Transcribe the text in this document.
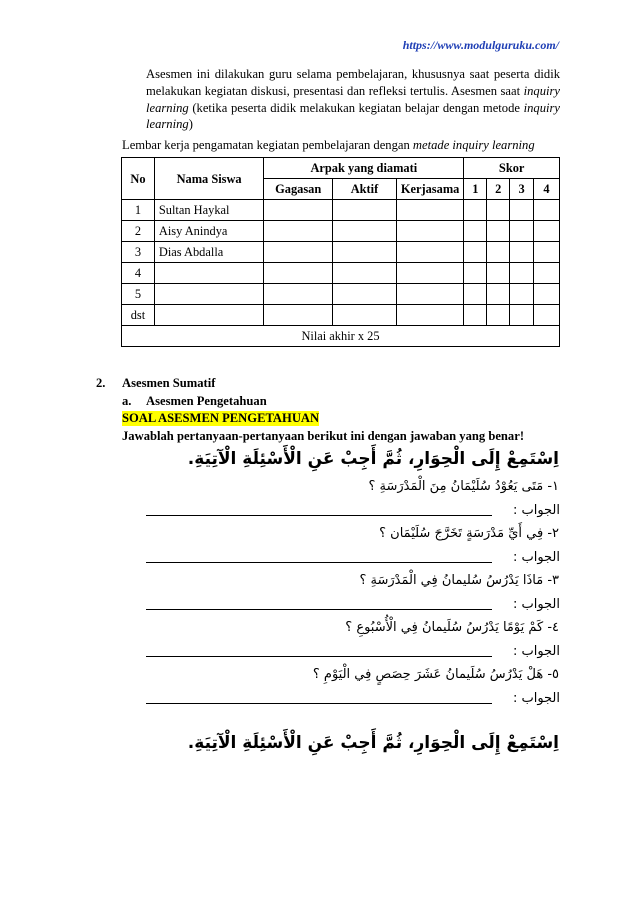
https://www.modulguruku.com/
Asesmen ini dilakukan guru selama pembelajaran, khususnya saat peserta didik melakukan kegiatan diskusi, presentasi dan refleksi tertulis. Asesmen saat inquiry learning (ketika peserta didik melakukan kegiatan belajar dengan metode inquiry learning)
Lembar kerja pengamatan kegiatan pembelajaran dengan metade inquiry learning
No	Nama Siswa	Arpak yang diamati			Skor			
		Gagasan	Aktif	Kerjasama	1	2	3	4
1	Sultan Haykal							
2	Aisy Anindya							
3	Dias Abdalla							
4								
5								
dst								
Nilai akhir x 25								
2. Asesmen Sumatif
a. Asesmen Pengetahuan
SOAL ASESMEN PENGETAHUAN
Jawablah pertanyaan-pertanyaan berikut ini dengan jawaban yang benar!
اِسْتَمِعْ إِلَى الْحِوَارِ، ثُمَّ أَجِبْ عَنِ الْأَسْئِلَةِ الْآتِيَةِ.
١- مَتَى يَعُوْدُ سُلَيْمَانُ مِنَ الْمَدْرَسَةِ ؟
الجواب :
٢- فِي أَيِّ مَدْرَسَةٍ تَخَرَّجَ سُلَيْمَان ؟
الجواب :
٣- مَاذَا يَدْرُسُ سُليمانُ فِي الْمَدْرَسَةِ ؟
الجواب :
٤- كَمْ يَوْمًا يَدْرُسُ سُلَيمانُ فِي الْأُسْبُوعِ ؟
الجواب :
٥- هَلْ يَدْرُسُ سُلَيمانُ عَشَرَ حِصَصٍ فِي الْيَوْمِ ؟
الجواب :
اِسْتَمِعْ إِلَى الْحِوَارِ، ثُمَّ أَجِبْ عَنِ الْأَسْئِلَةِ الْآتِيَةِ.
